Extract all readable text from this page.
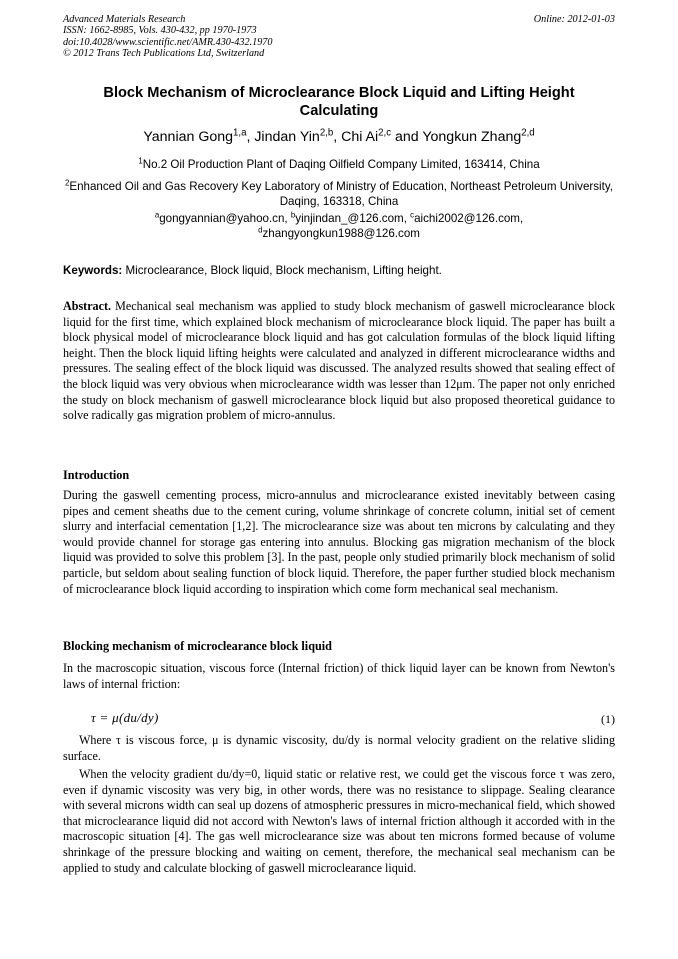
Advanced Materials Research
ISSN: 1662-8985, Vols. 430-432, pp 1970-1973
doi:10.4028/www.scientific.net/AMR.430-432.1970
© 2012 Trans Tech Publications Ltd, Switzerland
Online: 2012-01-03
Block Mechanism of Microclearance Block Liquid and Lifting Height Calculating
Yannian Gong$^{1,a}$, Jindan Yin$^{2,b}$, Chi Ai$^{2,c}$ and Yongkun Zhang$^{2,d}$
$^1$No.2 Oil Production Plant of Daqing Oilfield Company Limited, 163414, China
$^2$Enhanced Oil and Gas Recovery Key Laboratory of Ministry of Education, Northeast Petroleum University, Daqing, 163318, China
$^a$gongyannian@yahoo.cn, $^b$yinjindan_@126.com, $^c$aichi2002@126.com,
$^d$zhangyongkun1988@126.com
Keywords: Microclearance, Block liquid, Block mechanism, Lifting height.
Abstract. Mechanical seal mechanism was applied to study block mechanism of gaswell microclearance block liquid for the first time, which explained block mechanism of microclearance block liquid. The paper has built a block physical model of microclearance block liquid and has got calculation formulas of the block liquid lifting height. Then the block liquid lifting heights were calculated and analyzed in different microclearance widths and pressures. The sealing effect of the block liquid was discussed. The analyzed results showed that sealing effect of the block liquid was very obvious when microclearance width was lesser than 12μm. The paper not only enriched the study on block mechanism of gaswell microclearance block liquid but also proposed theoretical guidance to solve radically gas migration problem of micro-annulus.
Introduction

During the gaswell cementing process, micro-annulus and microclearance existed inevitably between casing pipes and cement sheaths due to the cement curing, volume shrinkage of concrete column, initial set of cement slurry and interfacial cementation [1,2]. The microclearance size was about ten microns by calculating and they would provide channel for storage gas entering into annulus. Blocking gas migration mechanism of the block liquid was provided to solve this problem [3]. In the past, people only studied primarily block mechanism of solid particle, but seldom about sealing function of block liquid. Therefore, the paper further studied block mechanism of microclearance block liquid according to inspiration which come form mechanical seal mechanism.

Blocking mechanism of microclearance block liquid

In the macroscopic situation, viscous force (Internal friction) of thick liquid layer can be known from Newton's laws of internal friction:

τ = μ(du/dy)	(1)

Where τ is viscous force, μ is dynamic viscosity, du/dy is normal velocity gradient on the relative sliding surface.

When the velocity gradient du/dy=0, liquid static or relative rest, we could get the viscous force τ was zero, even if dynamic viscosity was very big, in other words, there was no resistance to slippage. Sealing clearance with several microns width can seal up dozens of atmospheric pressures in micro-mechanical field, which showed that microclearance liquid did not accord with Newton's laws of internal friction although it accorded with in the macroscopic situation [4]. The gas well microclearance size was about ten microns formed because of volume shrinkage of the pressure blocking and waiting on cement, therefore, the mechanical seal mechanism can be applied to study and calculate blocking of gaswell microclearance liquid.
